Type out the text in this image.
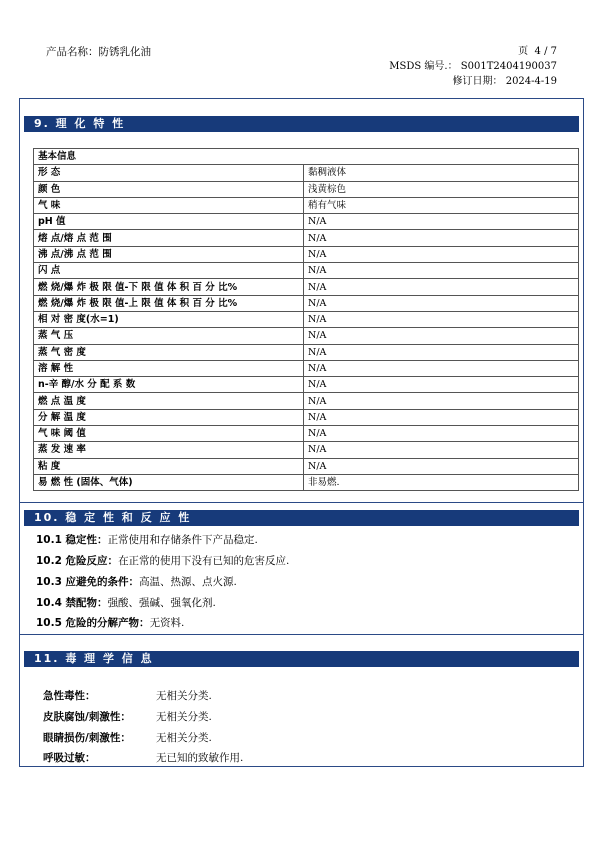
产品名称：防锈乳化油	页 4 / 7
MSDS 编号.： S001T2404190037
修订日期： 2024-4-19
9. 理 化 特 性
基本信息	
形 态	黏稠液体
颜 色	浅黄棕色
气 味	稍有气味
pH 值	N/A
熔 点/熔 点 范 围	N/A
沸 点/沸 点 范 围	N/A
闪 点	N/A
燃 烧/爆 炸 极 限 值-下 限 值 体 积 百 分 比%	N/A
燃 烧/爆 炸 极 限 值-上 限 值 体 积 百 分 比%	N/A
相 对 密 度(水=1)	N/A
蒸 气 压	N/A
蒸 气 密 度	N/A
溶 解 性	N/A
n-辛 醇/水 分 配 系 数	N/A
燃 点 温 度	N/A
分 解 温 度	N/A
气 味 阈 值	N/A
蒸 发 速 率	N/A
粘 度	N/A
易 燃 性 (固体、气体)	非易燃.
10. 稳 定 性 和 反 应 性
10.1 稳定性：正常使用和存储条件下产品稳定.
10.2 危险反应：在正常的使用下没有已知的危害反应.
10.3 应避免的条件：高温、热源、点火源.
10.4 禁配物：强酸、强碱、强氧化剂.
10.5 危险的分解产物：无资料.
11. 毒 理 学 信 息
急性毒性：	无相关分类.
皮肤腐蚀/刺激性： 无相关分类.
眼睛损伤/刺激性： 无相关分类.
呼吸过敏：	无已知的致敏作用.
